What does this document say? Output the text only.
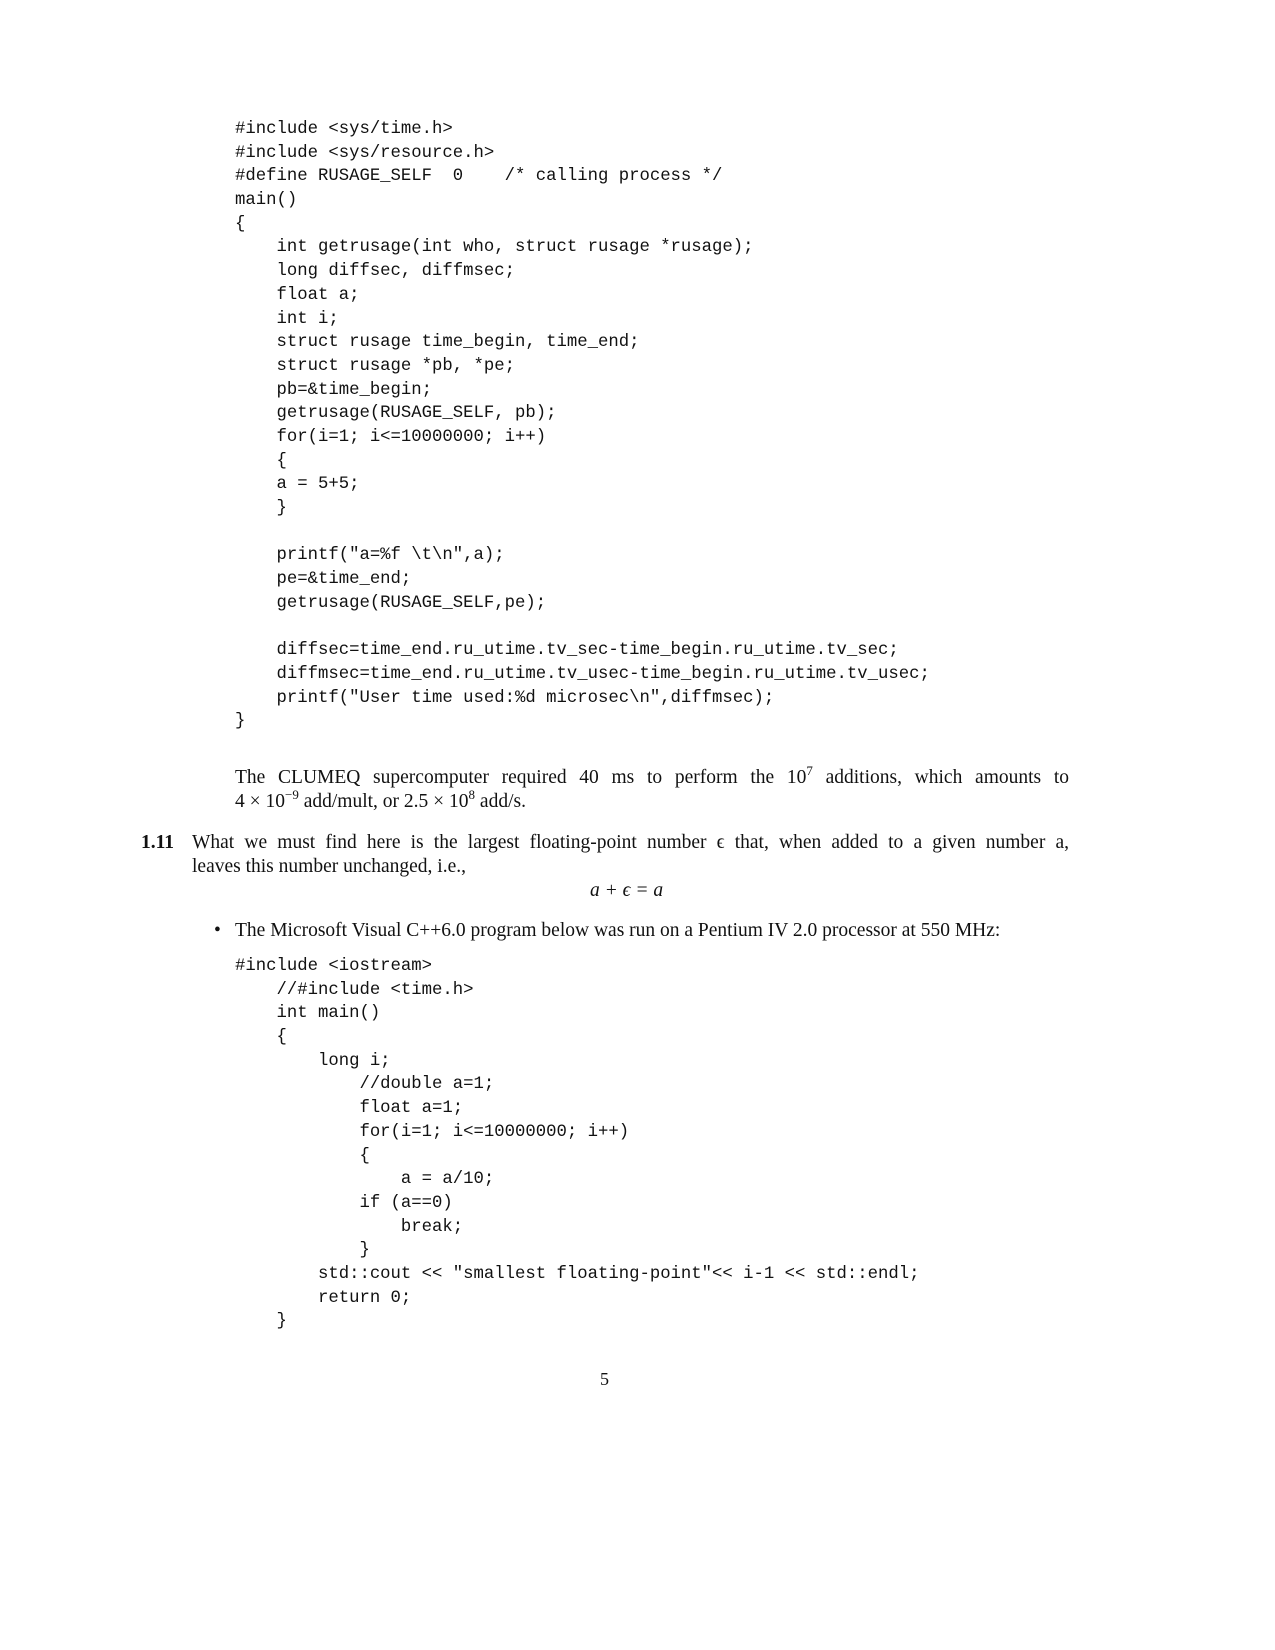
#include <sys/time.h>
#include <sys/resource.h>
#define RUSAGE_SELF  0    /* calling process */
main()
{
int getrusage(int who, struct rusage *rusage);
long diffsec, diffmsec;
float a;
int i;
struct rusage time_begin, time_end;
struct rusage *pb, *pe;
pb=&time_begin;
getrusage(RUSAGE_SELF, pb);
for(i=1; i<=10000000; i++)
{
a = 5+5;
}
printf("a=%f \t\n",a);
pe=&time_end;
getrusage(RUSAGE_SELF,pe);
diffsec=time_end.ru_utime.tv_sec-time_begin.ru_utime.tv_sec;
diffmsec=time_end.ru_utime.tv_usec-time_begin.ru_utime.tv_usec;
printf("User time used:%d microsec\n",diffmsec);
}
The CLUMEQ supercomputer required 40 ms to perform the $10^7$ additions, which amounts to
$4 \times 10^{-9}$ add/mult, or $2.5 \times 10^8$ add/s.
1.11 What we must find here is the largest floating-point number ϵ that, when added to a given number a,
leaves this number unchanged, i.e.,
a + ϵ = a
• The Microsoft Visual C++6.0 program below was run on a Pentium IV 2.0 processor at 550 MHz:
#include <iostream>
//#include <time.h>
int main()
{
long i;
//double a=1;
float a=1;
for(i=1; i<=10000000; i++)
{
a = a/10;
if (a==0)
break;
}
std::cout << "smallest floating-point"<< i-1 << std::endl;
return 0;
}
5
